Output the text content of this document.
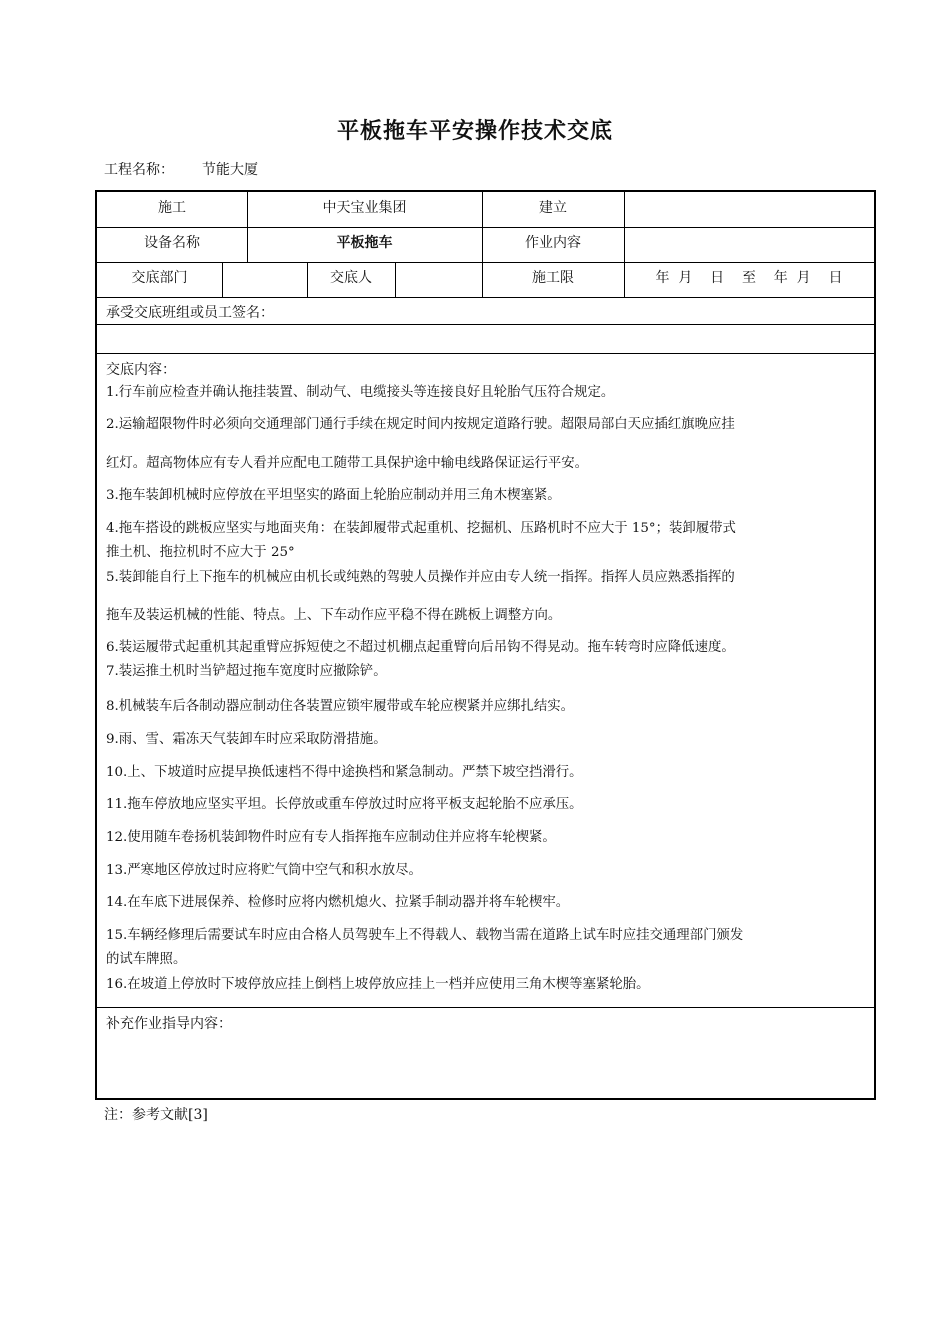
平板拖车平安操作技术交底
工程名称： 节能大厦
施工	中天宝业集团	建立
设备名称	平板拖车	作业内容
交底部门	交底人	施工限	年  月    日    至    年  月    日
承受交底班组或员工签名：
交底内容：
1.行车前应检查并确认拖挂装置、制动气、电缆接头等连接良好且轮胎气压符合规定。
2.运输超限物件时必须向交通理部门通行手续在规定时间内按规定道路行驶。超限局部白天应插红旗晚应挂
红灯。超高物体应有专人看并应配电工随带工具保护途中输电线路保证运行平安。
3.拖车装卸机械时应停放在平坦坚实的路面上轮胎应制动并用三角木楔塞紧。
4.拖车搭设的跳板应坚实与地面夹角：在装卸履带式起重机、挖掘机、压路机时不应大于 15°；装卸履带式
推土机、拖拉机时不应大于 25°
5.装卸能自行上下拖车的机械应由机长或纯熟的驾驶人员操作并应由专人统一指挥。指挥人员应熟悉指挥的
拖车及装运机械的性能、特点。上、下车动作应平稳不得在跳板上调整方向。
6.装运履带式起重机其起重臂应拆短使之不超过机棚点起重臂向后吊钩不得晃动。拖车转弯时应降低速度。
7.装运推土机时当铲超过拖车宽度时应撤除铲。
8.机械装车后各制动器应制动住各装置应锁牢履带或车轮应楔紧并应绑扎结实。
9.雨、雪、霜冻天气装卸车时应采取防滑措施。
10.上、下坡道时应提早换低速档不得中途换档和紧急制动。严禁下坡空挡滑行。
11.拖车停放地应坚实平坦。长停放或重车停放过时应将平板支起轮胎不应承压。
12.使用随车卷扬机装卸物件时应有专人指挥拖车应制动住并应将车轮楔紧。
13.严寒地区停放过时应将贮气筒中空气和积水放尽。
14.在车底下进展保养、检修时应将内燃机熄火、拉紧手制动器并将车轮楔牢。
15.车辆经修理后需要试车时应由合格人员驾驶车上不得载人、载物当需在道路上试车时应挂交通理部门颁发
的试车牌照。
16.在坡道上停放时下坡停放应挂上倒档上坡停放应挂上一档并应使用三角木楔等塞紧轮胎。
补充作业指导内容：
注：参考文献[3]
